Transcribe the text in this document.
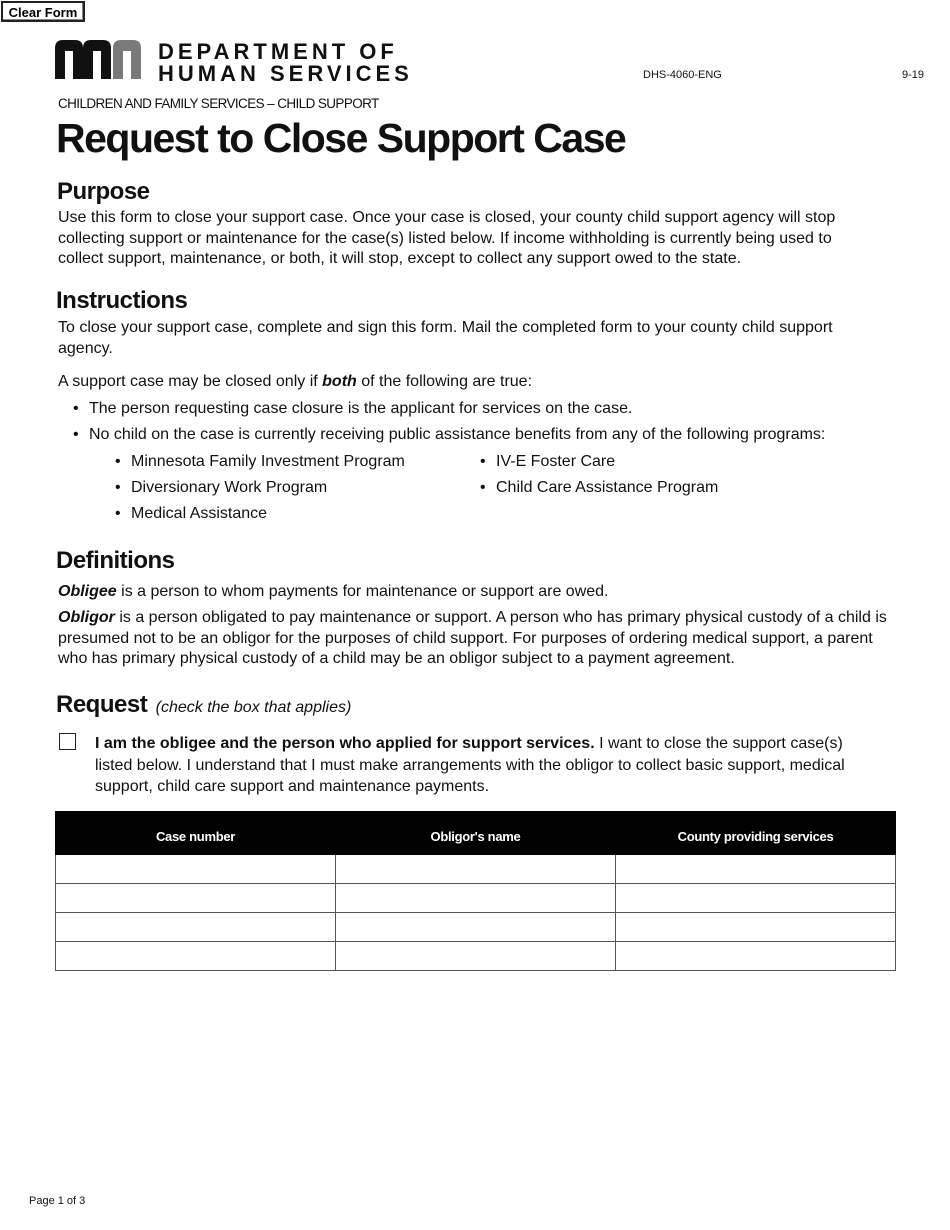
Clear Form
DEPARTMENT OF
HUMAN SERVICES	DHS-4060-ENG	9-19
CHILDREN AND FAMILY SERVICES – CHILD SUPPORT
Request to Close Support Case
Purpose

Use this form to close your support case. Once your case is closed, your county child support agency will stop collecting support or maintenance for the case(s) listed below. If income withholding is currently being used to collect support, maintenance, or both, it will stop, except to collect any support owed to the state.

Instructions

To close your support case, complete and sign this form. Mail the completed form to your county child support agency.

A support case may be closed only if both of the following are true:

• The person requesting case closure is the applicant for services on the case.
• No child on the case is currently receiving public assistance benefits from any of the following programs:
• Minnesota Family Investment Program
• Diversionary Work Program
• Medical Assistance
• IV-E Foster Care
• Child Care Assistance Program
Definitions

Obligee is a person to whom payments for maintenance or support are owed.

Obligor is a person obligated to pay maintenance or support. A person who has primary physical custody of a child is presumed not to be an obligor for the purposes of child support. For purposes of ordering medical support, a parent who has primary physical custody of a child may be an obligor subject to a payment agreement.

Request (check the box that applies)

I am the obligee and the person who applied for support services. I want to close the support case(s) listed below. I understand that I must make arrangements with the obligor to collect basic support, medical support, child care support and maintenance payments.

Case number	Obligor's name	County providing services

Page 1 of 3
